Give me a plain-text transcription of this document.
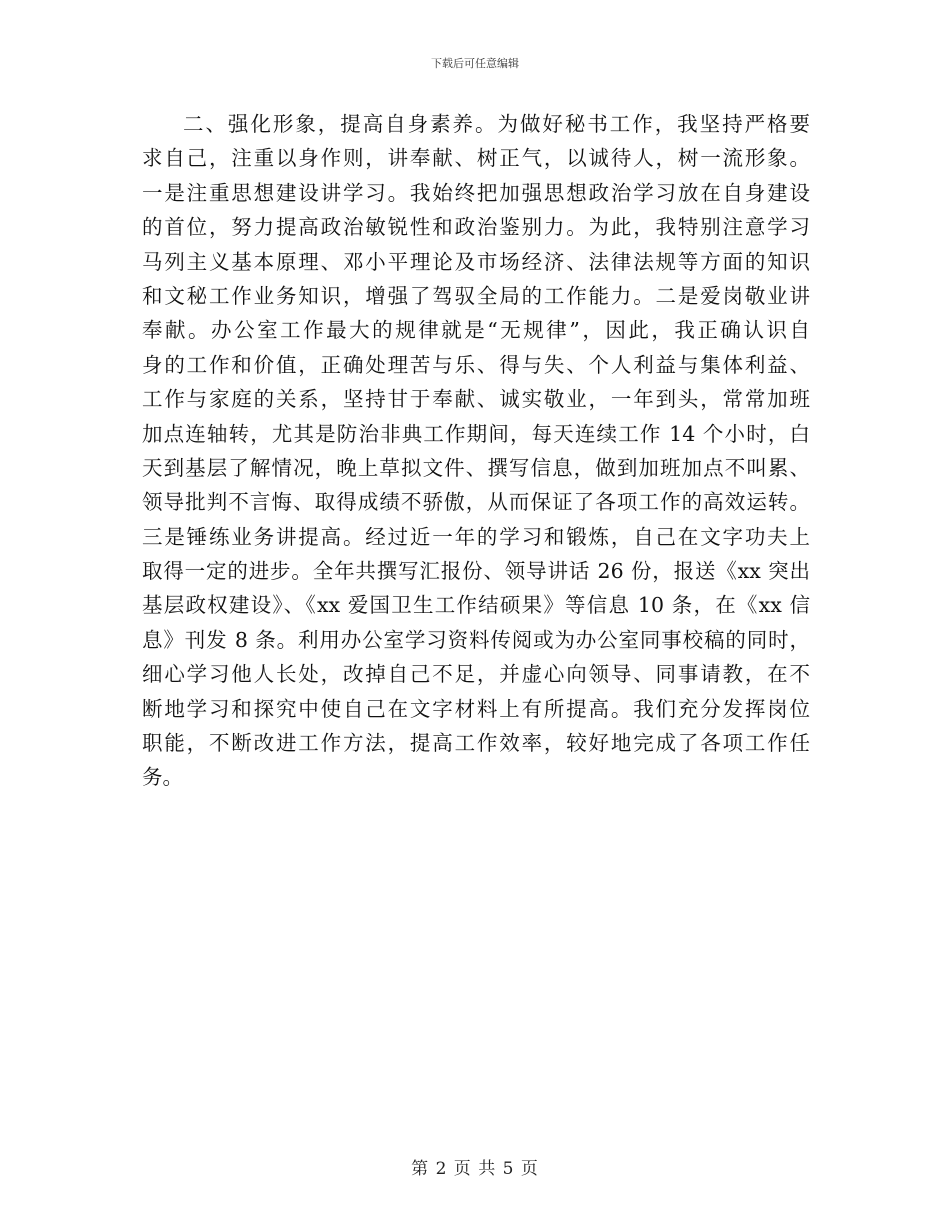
下载后可任意编辑
二、强化形象，提高自身素养。为做好秘书工作，我坚持严格要
求自己，注重以身作则，讲奉献、树正气，以诚待人，树一流形象。
一是注重思想建设讲学习。我始终把加强思想政治学习放在自身建设
的首位，努力提高政治敏锐性和政治鉴别力。为此，我特别注意学习
马列主义基本原理、邓小平理论及市场经济、法律法规等方面的知识
和文秘工作业务知识，增强了驾驭全局的工作能力。二是爱岗敬业讲
奉献。办公室工作最大的规律就是“无规律”，因此，我正确认识自
身的工作和价值，正确处理苦与乐、得与失、个人利益与集体利益、
工作与家庭的关系，坚持甘于奉献、诚实敬业，一年到头，常常加班
加点连轴转，尤其是防治非典工作期间，每天连续工作 14 个小时，白
天到基层了解情况，晚上草拟文件、撰写信息，做到加班加点不叫累、
领导批判不言悔、取得成绩不骄傲，从而保证了各项工作的高效运转。
三是锤练业务讲提高。经过近一年的学习和锻炼，自己在文字功夫上
取得一定的进步。全年共撰写汇报份、领导讲话 26 份，报送《xx 突出
基层政权建设》、《xx 爱国卫生工作结硕果》等信息 10 条，在《xx 信
息》刊发 8 条。利用办公室学习资料传阅或为办公室同事校稿的同时，
细心学习他人长处，改掉自己不足，并虚心向领导、同事请教，在不
断地学习和探究中使自己在文字材料上有所提高。我们充分发挥岗位
职能，不断改进工作方法，提高工作效率，较好地完成了各项工作任
务。
第 2 页 共 5 页
